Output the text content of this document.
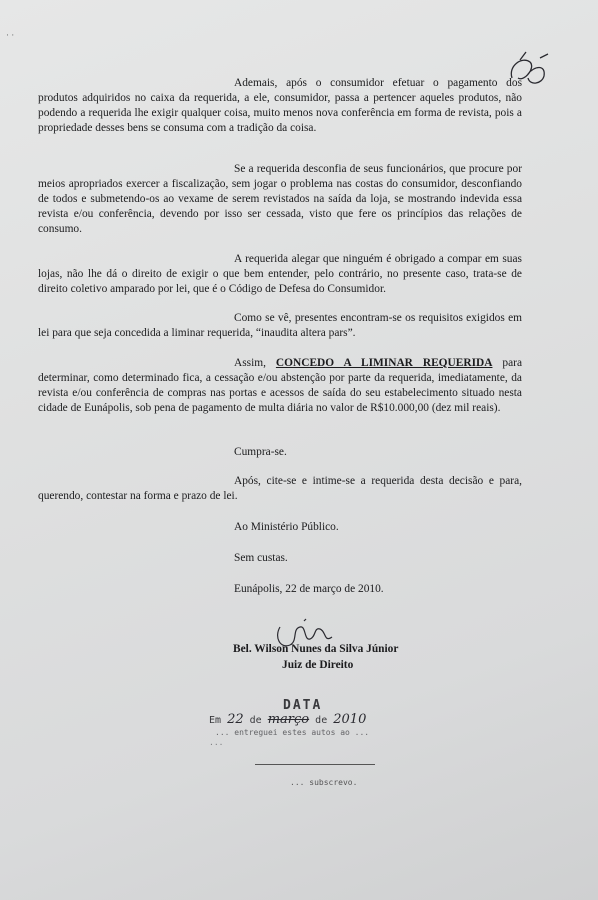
· ·

Ademais, após o consumidor efetuar o pagamento dos produtos adquiridos no caixa da requerida, a ele, consumidor, passa a pertencer aqueles produtos, não podendo a requerida lhe exigir qualquer coisa, muito menos nova conferência em forma de revista, pois a propriedade desses bens se consuma com a tradição da coisa.

Se a requerida desconfia de seus funcionários, que procure por meios apropriados exercer a fiscalização, sem jogar o problema nas costas do consumidor, desconfiando de todos e submetendo-os ao vexame de serem revistados na saída da loja, se mostrando indevida essa revista e/ou conferência, devendo por isso ser cessada, visto que fere os princípios das relações de consumo.

A requerida alegar que ninguém é obrigado a compar em suas lojas, não lhe dá o direito de exigir o que bem entender, pelo contrário, no presente caso, trata-se de direito coletivo amparado por lei, que é o Código de Defesa do Consumidor.

Como se vê, presentes encontram-se os requisitos exigidos em lei para que seja concedida a liminar requerida, “inaudita altera pars”.

Assim, CONCEDO A LIMINAR REQUERIDA para determinar, como determinado fica, a cessação e/ou abstenção por parte da requerida, imediatamente, da revista e/ou conferência de compras nas portas e acessos de saída do seu estabelecimento situado nesta cidade de Eunápolis, sob pena de pagamento de multa diária no valor de R$10.000,00 (dez mil reais).

Cumpra-se.

Após, cite-se e intime-se a requerida desta decisão e para, querendo, contestar na forma e prazo de lei.

Ao Ministério Público.

Sem custas.

Eunápolis, 22 de março de 2010.

Bel. Wilson Nunes da Silva Júnior
Juiz de Direito
DATA
Em 22 de março de 2010
... entreguei estes autos ao ...
...
... subscrevo.
